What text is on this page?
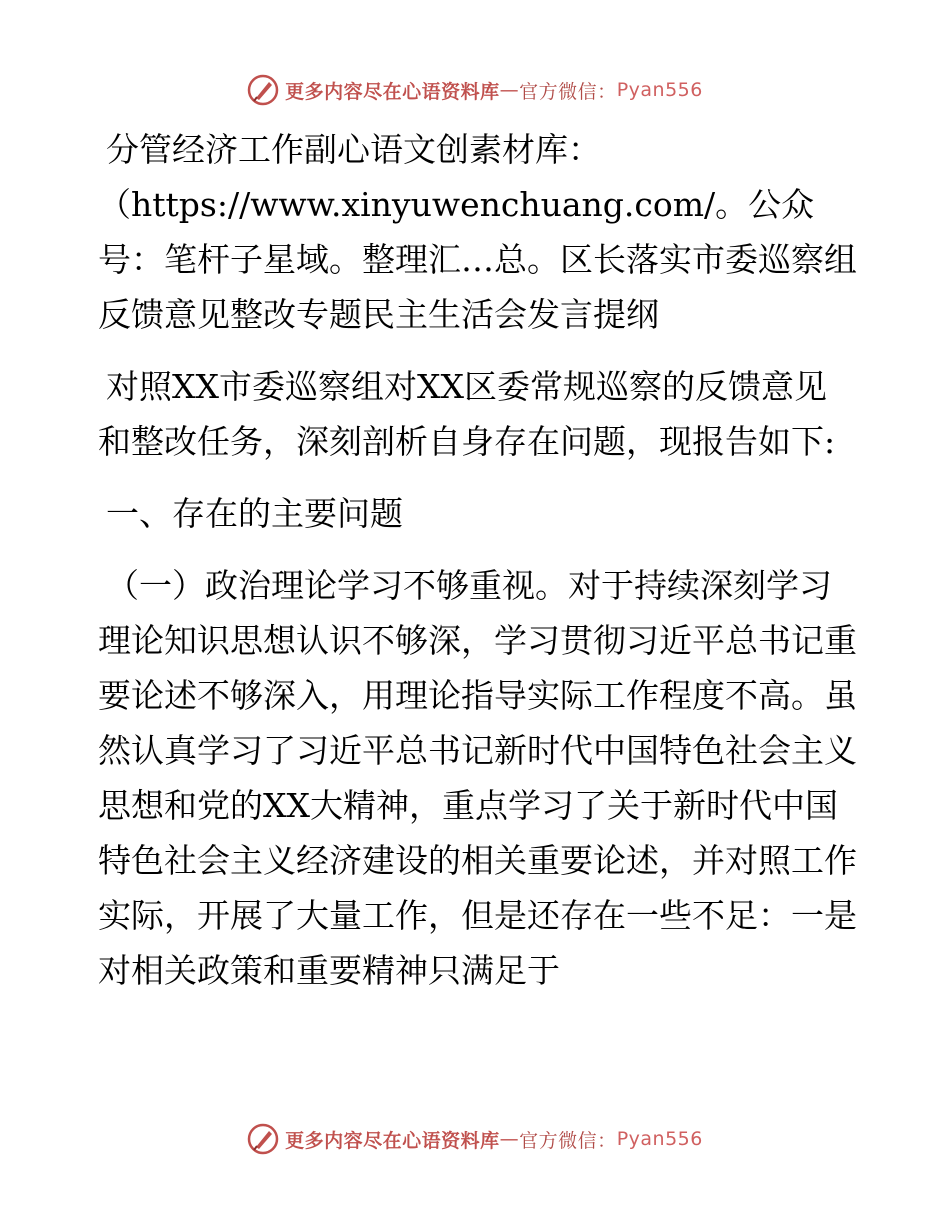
更多内容尽在心语资料库 — 官方微信： Pyan556

分管经济工作副心语文创素材库：（https://www.xinyuwenchuang.com/。公众号：笔杆子星域。整理汇…总。区长落实市委巡察组反馈意见整改专题民主生活会发言提纲

对照XX市委巡察组对XX区委常规巡察的反馈意见和整改任务，深刻剖析自身存在问题，现报告如下:

一、存在的主要问题

（一）政治理论学习不够重视。对于持续深刻学习理论知识思想认识不够深，学习贯彻习近平总书记重要论述不够深入，用理论指导实际工作程度不高。虽然认真学习了习近平总书记新时代中国特色社会主义思想和党的XX大精神，重点学习了关于新时代中国特色社会主义经济建设的相关重要论述，并对照工作实际，开展了大量工作，但是还存在一些不足：一是对相关政策和重要精神只满足于

更多内容尽在心语资料库 — 官方微信： Pyan556
